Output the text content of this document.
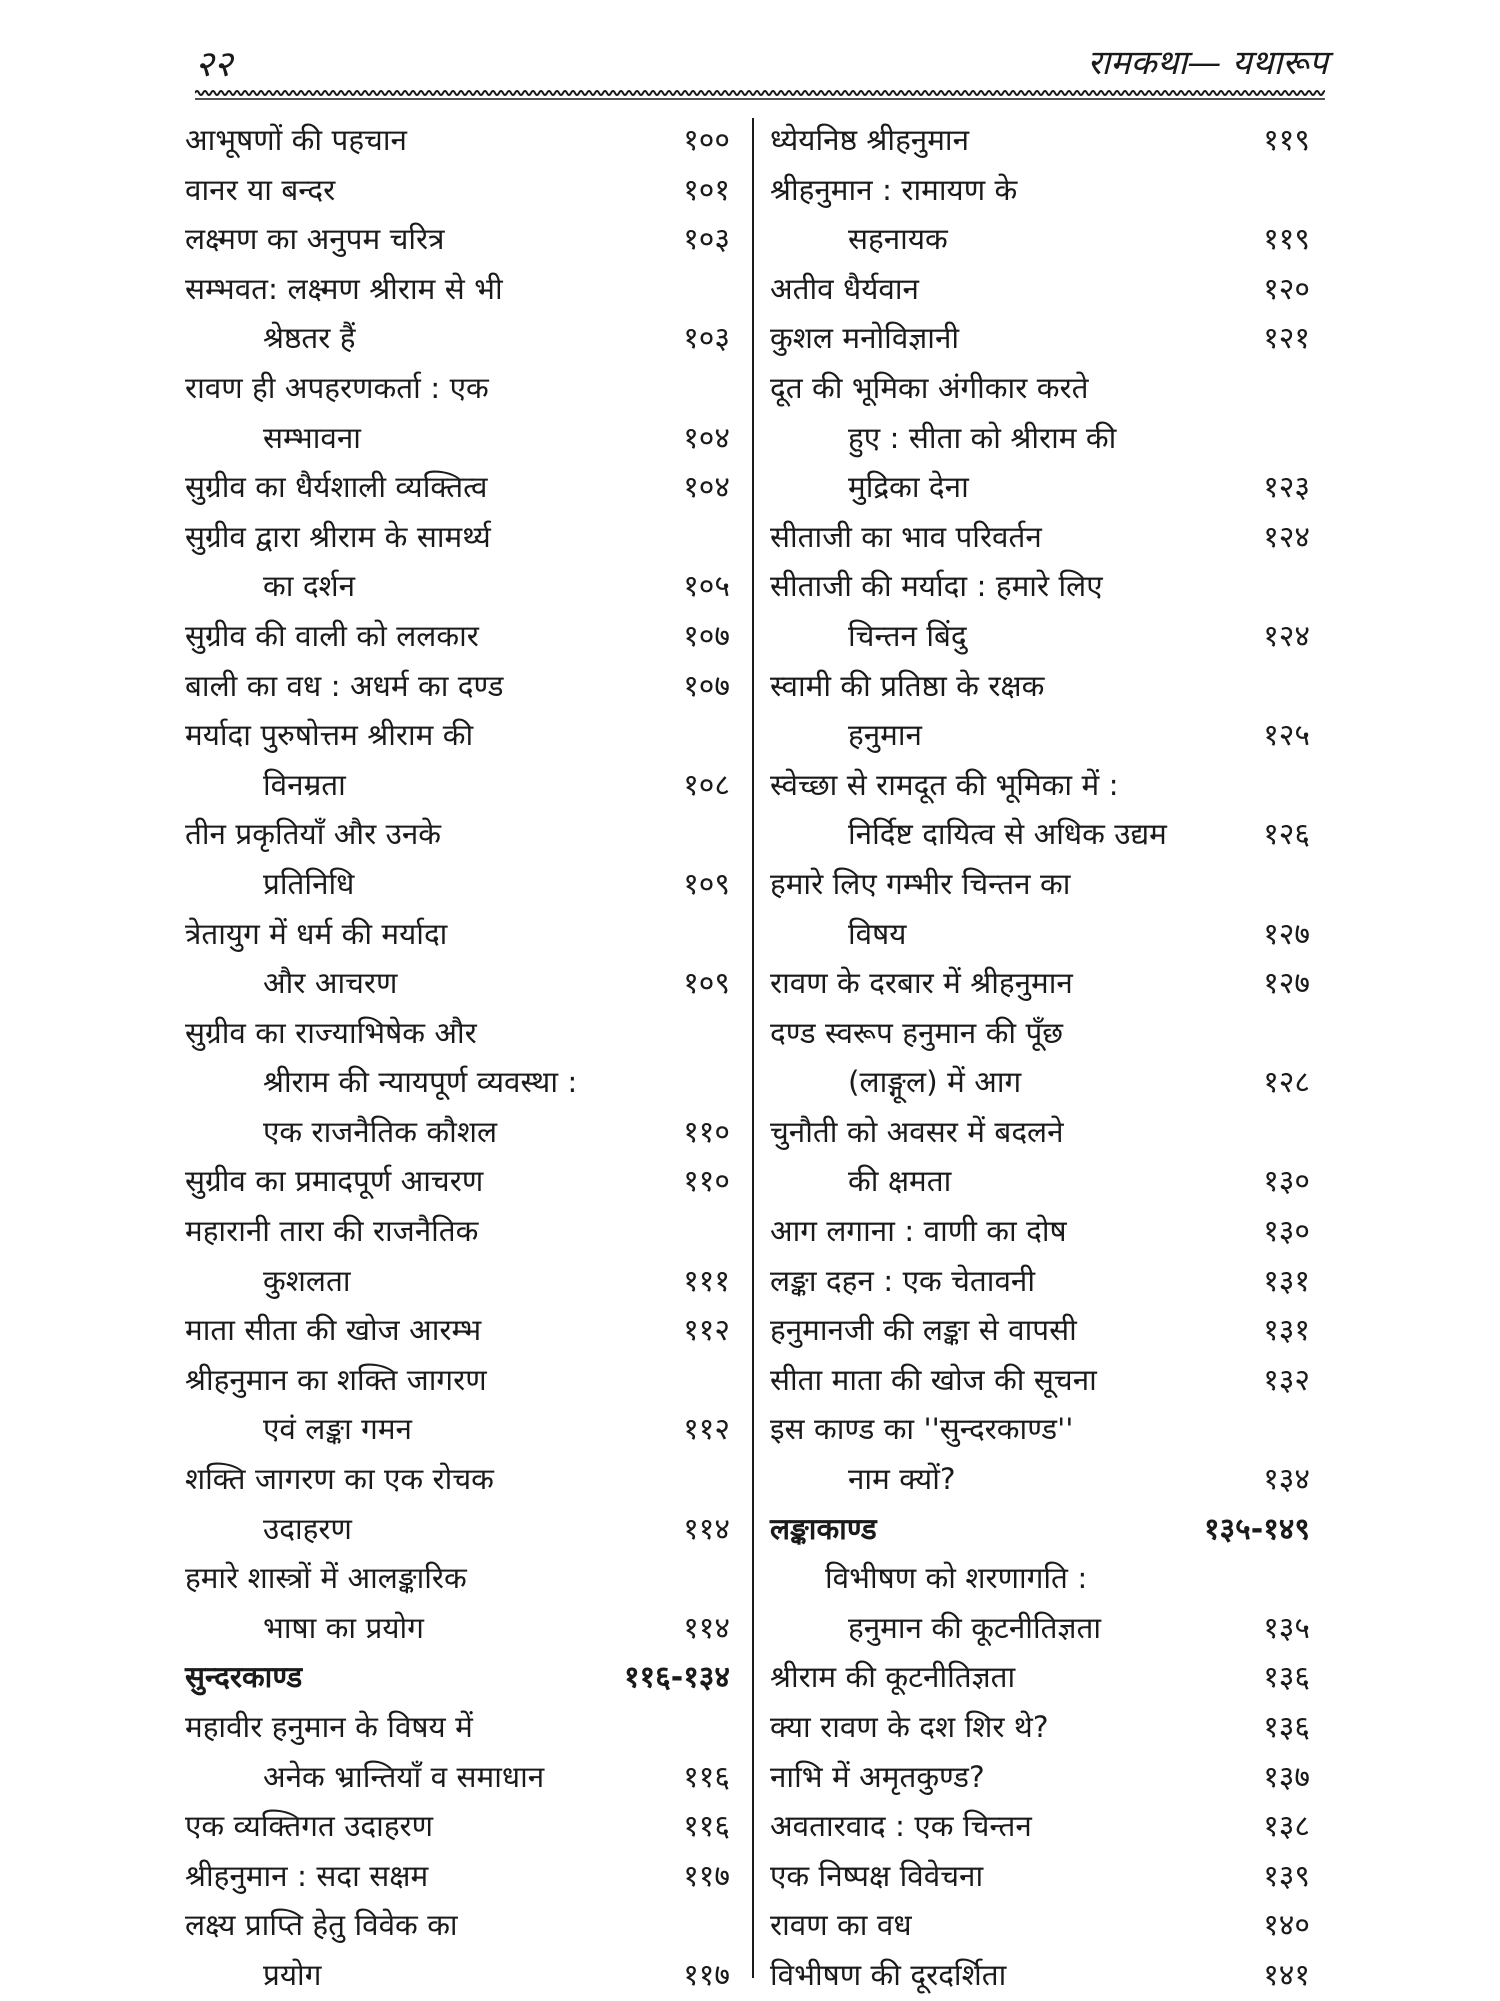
२२	रामकथा— यथारूप
आभूषणों की पहचान	१००
वानर या बन्दर	१०१
लक्ष्मण का अनुपम चरित्र	१०३
सम्भवत: लक्ष्मण श्रीराम से भी
श्रेष्ठतर हैं	१०३
रावण ही अपहरणकर्ता : एक
सम्भावना	१०४
सुग्रीव का धैर्यशाली व्यक्तित्व	१०४
सुग्रीव द्वारा श्रीराम के सामर्थ्य
का दर्शन	१०५
सुग्रीव की वाली को ललकार	१०७
बाली का वध : अधर्म का दण्ड	१०७
मर्यादा पुरुषोत्तम श्रीराम की
विनम्रता	१०८
तीन प्रकृतियाँ और उनके
प्रतिनिधि	१०९
त्रेतायुग में धर्म की मर्यादा
और आचरण	१०९
सुग्रीव का राज्याभिषेक और
श्रीराम की न्यायपूर्ण व्यवस्था :
एक राजनैतिक कौशल	११०
सुग्रीव का प्रमादपूर्ण आचरण	११०
महारानी तारा की राजनैतिक
कुशलता	१११
माता सीता की खोज आरम्भ	११२
श्रीहनुमान का शक्ति जागरण
एवं लङ्का गमन	११२
शक्ति जागरण का एक रोचक
उदाहरण	११४
हमारे शास्त्रों में आलङ्कारिक
भाषा का प्रयोग	११४
सुन्दरकाण्ड	११६-१३४
महावीर हनुमान के विषय में
अनेक भ्रान्तियाँ व समाधान	११६
एक व्यक्तिगत उदाहरण	११६
श्रीहनुमान : सदा सक्षम	११७
लक्ष्य प्राप्ति हेतु विवेक का
प्रयोग	११७
ध्येयनिष्ठ श्रीहनुमान	११९
श्रीहनुमान : रामायण के
सहनायक	११९
अतीव धैर्यवान	१२०
कुशल मनोविज्ञानी	१२१
दूत की भूमिका अंगीकार करते
हुए : सीता को श्रीराम की
मुद्रिका देना	१२३
सीताजी का भाव परिवर्तन	१२४
सीताजी की मर्यादा : हमारे लिए
चिन्तन बिंदु	१२४
स्वामी की प्रतिष्ठा के रक्षक
हनुमान	१२५
स्वेच्छा से रामदूत की भूमिका में :
निर्दिष्ट दायित्व से अधिक उद्यम	१२६
हमारे लिए गम्भीर चिन्तन का
विषय	१२७
रावण के दरबार में श्रीहनुमान	१२७
दण्ड स्वरूप हनुमान की पूँछ
(लाङ्गूल) में आग	१२८
चुनौती को अवसर में बदलने
की क्षमता	१३०
आग लगाना : वाणी का दोष	१३०
लङ्का दहन : एक चेतावनी	१३१
हनुमानजी की लङ्का से वापसी	१३१
सीता माता की खोज की सूचना	१३२
इस काण्ड का ''सुन्दरकाण्ड''
नाम क्यों?	१३४
लङ्काकाण्ड	१३५-१४९
विभीषण को शरणागति :
हनुमान की कूटनीतिज्ञता	१३५
श्रीराम की कूटनीतिज्ञता	१३६
क्या रावण के दश शिर थे?	१३६
नाभि में अमृतकुण्ड?	१३७
अवतारवाद : एक चिन्तन	१३८
एक निष्पक्ष विवेचना	१३९
रावण का वध	१४०
विभीषण की दूरदर्शिता	१४१
